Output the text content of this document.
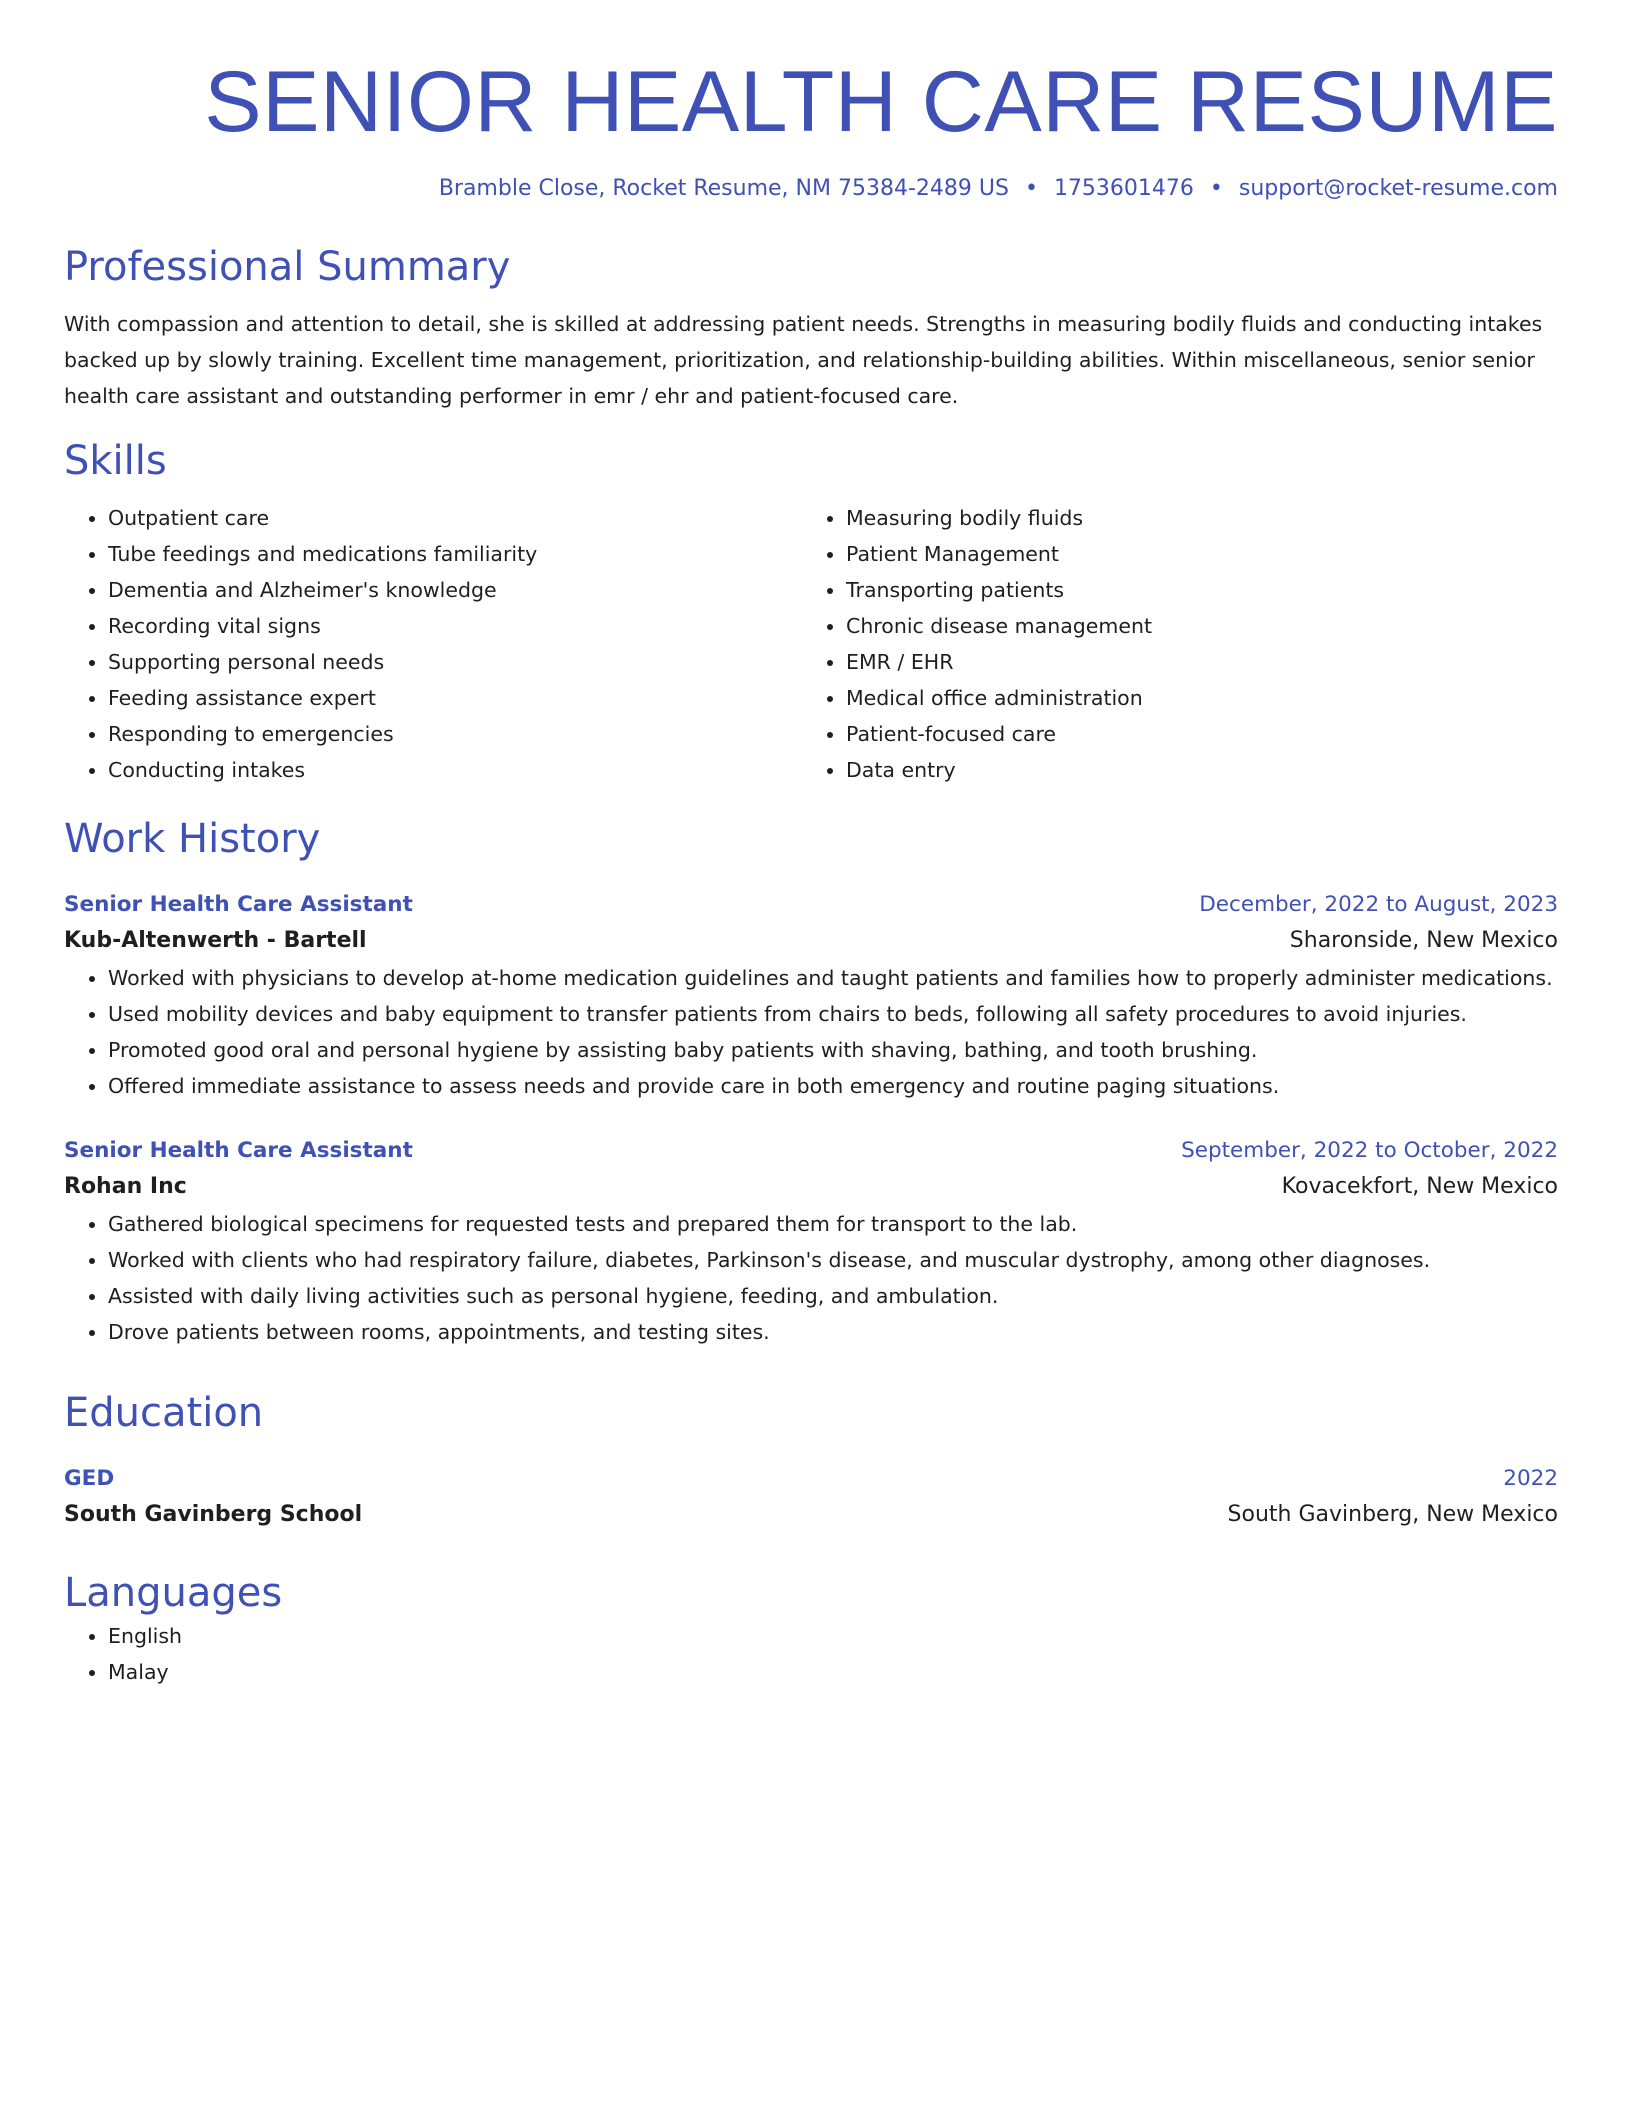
SENIOR HEALTH CARE RESUME
Bramble Close, Rocket Resume, NM 75384-2489 US • 1753601476 • support@rocket-resume.com
Professional Summary
With compassion and attention to detail, she is skilled at addressing patient needs. Strengths in measuring bodily fluids and conducting intakes backed up by slowly training. Excellent time management, prioritization, and relationship-building abilities. Within miscellaneous, senior senior health care assistant and outstanding performer in emr / ehr and patient-focused care.
Skills
• Outpatient care
• Tube feedings and medications familiarity
• Dementia and Alzheimer's knowledge
• Recording vital signs
• Supporting personal needs
• Feeding assistance expert
• Responding to emergencies
• Conducting intakes
• Measuring bodily fluids
• Patient Management
• Transporting patients
• Chronic disease management
• EMR / EHR
• Medical office administration
• Patient-focused care
• Data entry
Work History
Senior Health Care Assistant	December, 2022 to August, 2023
Kub-Altenwerth - Bartell	Sharonside, New Mexico
• Worked with physicians to develop at-home medication guidelines and taught patients and families how to properly administer medications.
• Used mobility devices and baby equipment to transfer patients from chairs to beds, following all safety procedures to avoid injuries.
• Promoted good oral and personal hygiene by assisting baby patients with shaving, bathing, and tooth brushing.
• Offered immediate assistance to assess needs and provide care in both emergency and routine paging situations.
Senior Health Care Assistant	September, 2022 to October, 2022
Rohan Inc	Kovacekfort, New Mexico
• Gathered biological specimens for requested tests and prepared them for transport to the lab.
• Worked with clients who had respiratory failure, diabetes, Parkinson's disease, and muscular dystrophy, among other diagnoses.
• Assisted with daily living activities such as personal hygiene, feeding, and ambulation.
• Drove patients between rooms, appointments, and testing sites.
Education
GED	2022
South Gavinberg School	South Gavinberg, New Mexico
Languages
• English
• Malay
